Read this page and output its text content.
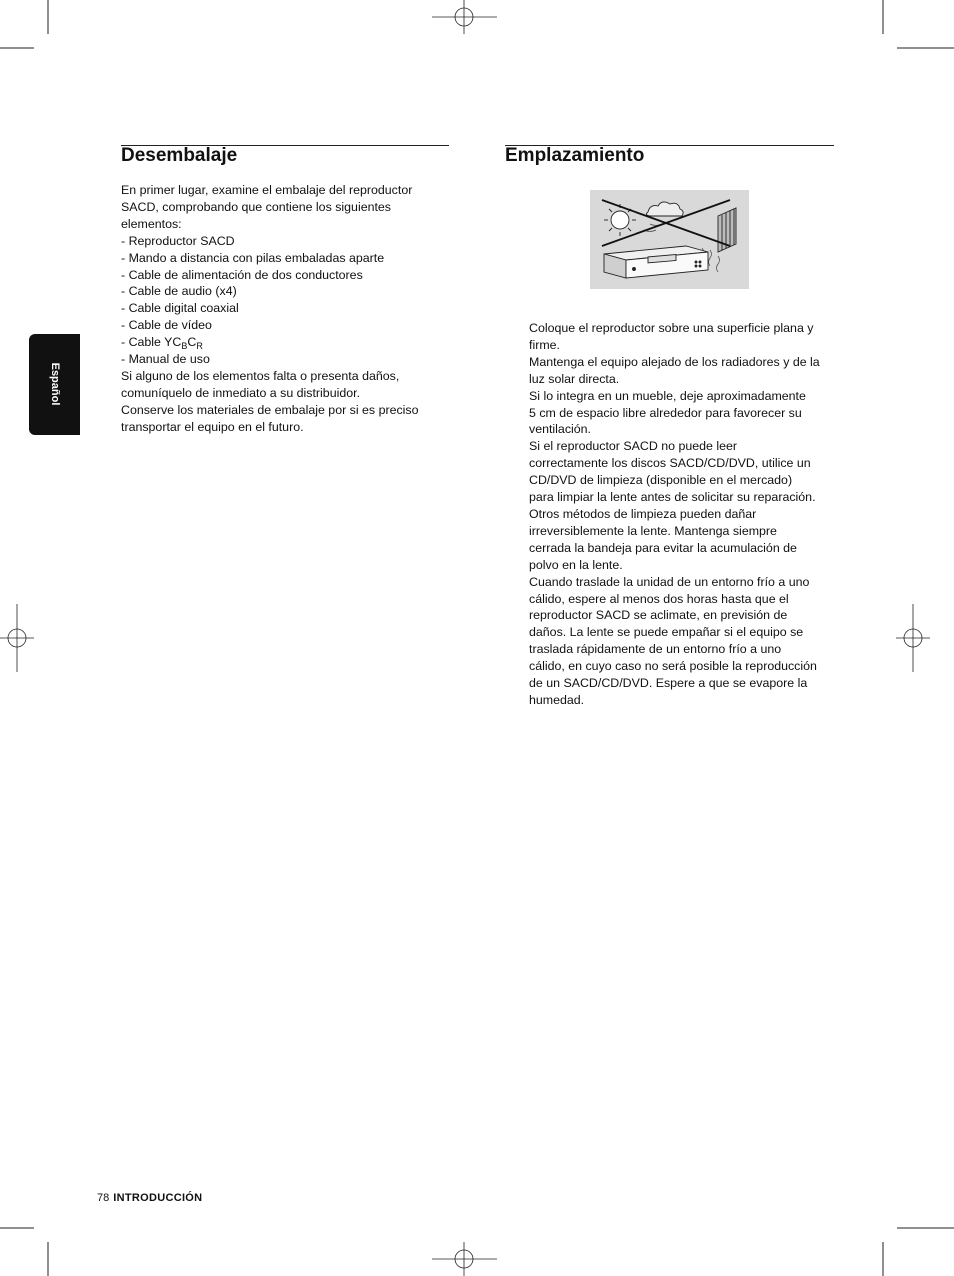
Español
Desembalaje

En primer lugar, examine el embalaje del reproductor

SACD, comprobando que contiene los siguientes

elementos:

- Reproductor SACD

- Mando a distancia con pilas embaladas aparte

- Cable de alimentación de dos conductores

- Cable de audio (x4)

- Cable digital coaxial

- Cable de vídeo

- Cable $YC_BC_R$

- Manual de uso

Si alguno de los elementos falta o presenta daños,

comuníquelo de inmediato a su distribuidor.

Conserve los materiales de embalaje por si es preciso

transportar el equipo en el futuro.

Emplazamiento

Coloque el reproductor sobre una superficie plana y

firme.

Mantenga el equipo alejado de los radiadores y de la

luz solar directa.

Si lo integra en un mueble, deje aproximadamente

5 cm de espacio libre alrededor para favorecer su

ventilación.

Si el reproductor SACD no puede leer

correctamente los discos SACD/CD/DVD, utilice un

CD/DVD de limpieza (disponible en el mercado)

para limpiar la lente antes de solicitar su reparación.

Otros métodos de limpieza pueden dañar

irreversiblemente la lente. Mantenga siempre

cerrada la bandeja para evitar la acumulación de

polvo en la lente.

Cuando traslade la unidad de un entorno frío a uno

cálido, espere al menos dos horas hasta que el

reproductor SACD se aclimate, en previsión de

daños. La lente se puede empañar si el equipo se

traslada rápidamente de un entorno frío a uno

cálido, en cuyo caso no será posible la reproducción

de un SACD/CD/DVD. Espere a que se evapore la

humedad.

78 INTRODUCCIÓN
